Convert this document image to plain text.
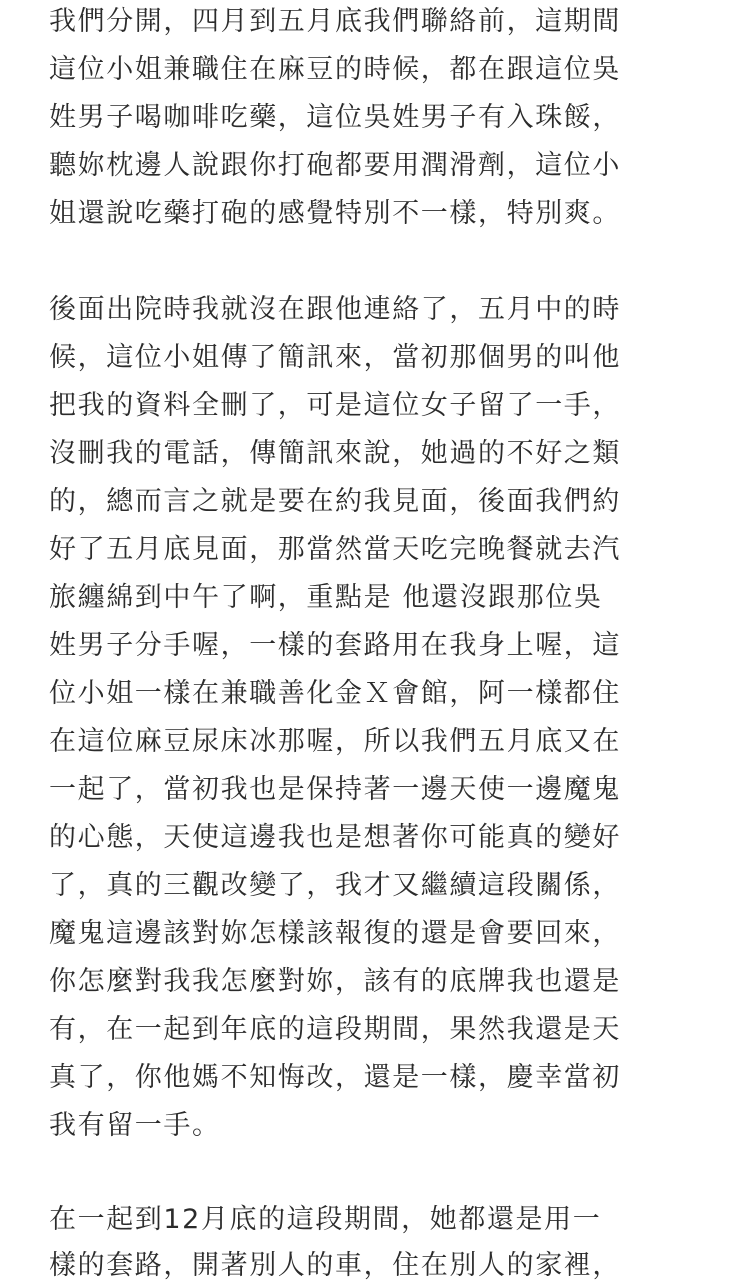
我們分開，四月到五月底我們聯絡前，這期間
這位小姐兼職住在麻豆的時候，都在跟這位吳
姓男子喝咖啡吃藥，這位吳姓男子有入珠餒，
聽妳枕邊人說跟你打砲都要用潤滑劑，這位小
姐還說吃藥打砲的感覺特別不一樣，特別爽。
後面出院時我就沒在跟他連絡了，五月中的時
候，這位小姐傳了簡訊來，當初那個男的叫他
把我的資料全刪了，可是這位女子留了一手，
沒刪我的電話，傳簡訊來說，她過的不好之類
的，總而言之就是要在約我見面，後面我們約
好了五月底見面，那當然當天吃完晚餐就去汽
旅纏綿到中午了啊，重點是 他還沒跟那位吳
姓男子分手喔，一樣的套路用在我身上喔，這
位小姐一樣在兼職善化金Ｘ會館，阿一樣都住
在這位麻豆尿床冰那喔，所以我們五月底又在
一起了，當初我也是保持著一邊天使一邊魔鬼
的心態，天使這邊我也是想著你可能真的變好
了，真的三觀改變了，我才又繼續這段關係，
魔鬼這邊該對妳怎樣該報復的還是會要回來，
你怎麼對我我怎麼對妳，該有的底牌我也還是
有，在一起到年底的這段期間，果然我還是天
真了，你他媽不知悔改，還是一樣，慶幸當初
我有留一手。
在一起到12月底的這段期間，她都還是用一
樣的套路，開著別人的車，住在別人的家裡，
